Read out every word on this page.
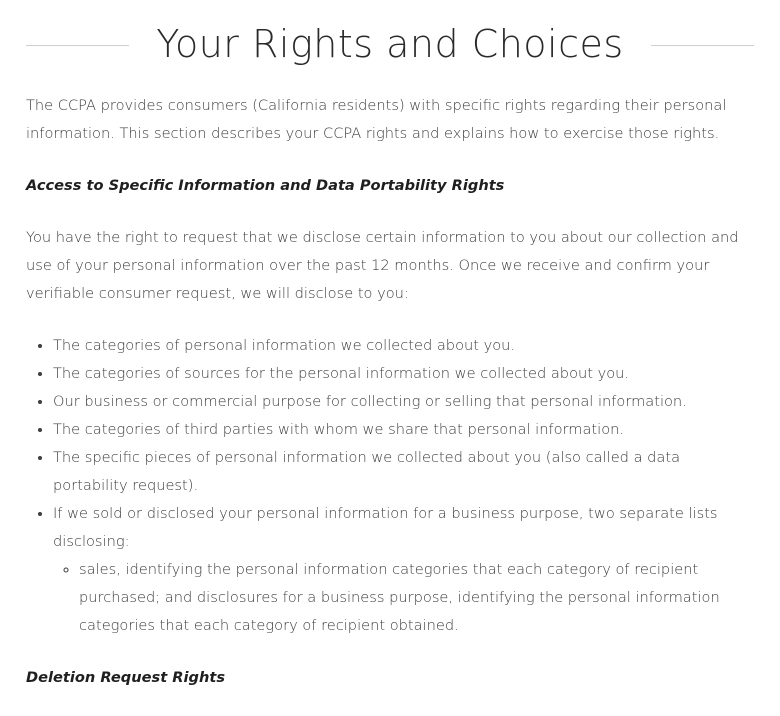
Your Rights and Choices

The CCPA provides consumers (California residents) with specific rights regarding their personal information. This section describes your CCPA rights and explains how to exercise those rights.

Access to Specific Information and Data Portability Rights

You have the right to request that we disclose certain information to you about our collection and use of your personal information over the past 12 months. Once we receive and confirm your verifiable consumer request, we will disclose to you:

• The categories of personal information we collected about you.
• The categories of sources for the personal information we collected about you.
• Our business or commercial purpose for collecting or selling that personal information.
• The categories of third parties with whom we share that personal information.
• The specific pieces of personal information we collected about you (also called a data portability request).
• If we sold or disclosed your personal information for a business purpose, two separate lists disclosing:
◦ sales, identifying the personal information categories that each category of recipient purchased; and disclosures for a business purpose, identifying the personal information categories that each category of recipient obtained.

Deletion Request Rights
